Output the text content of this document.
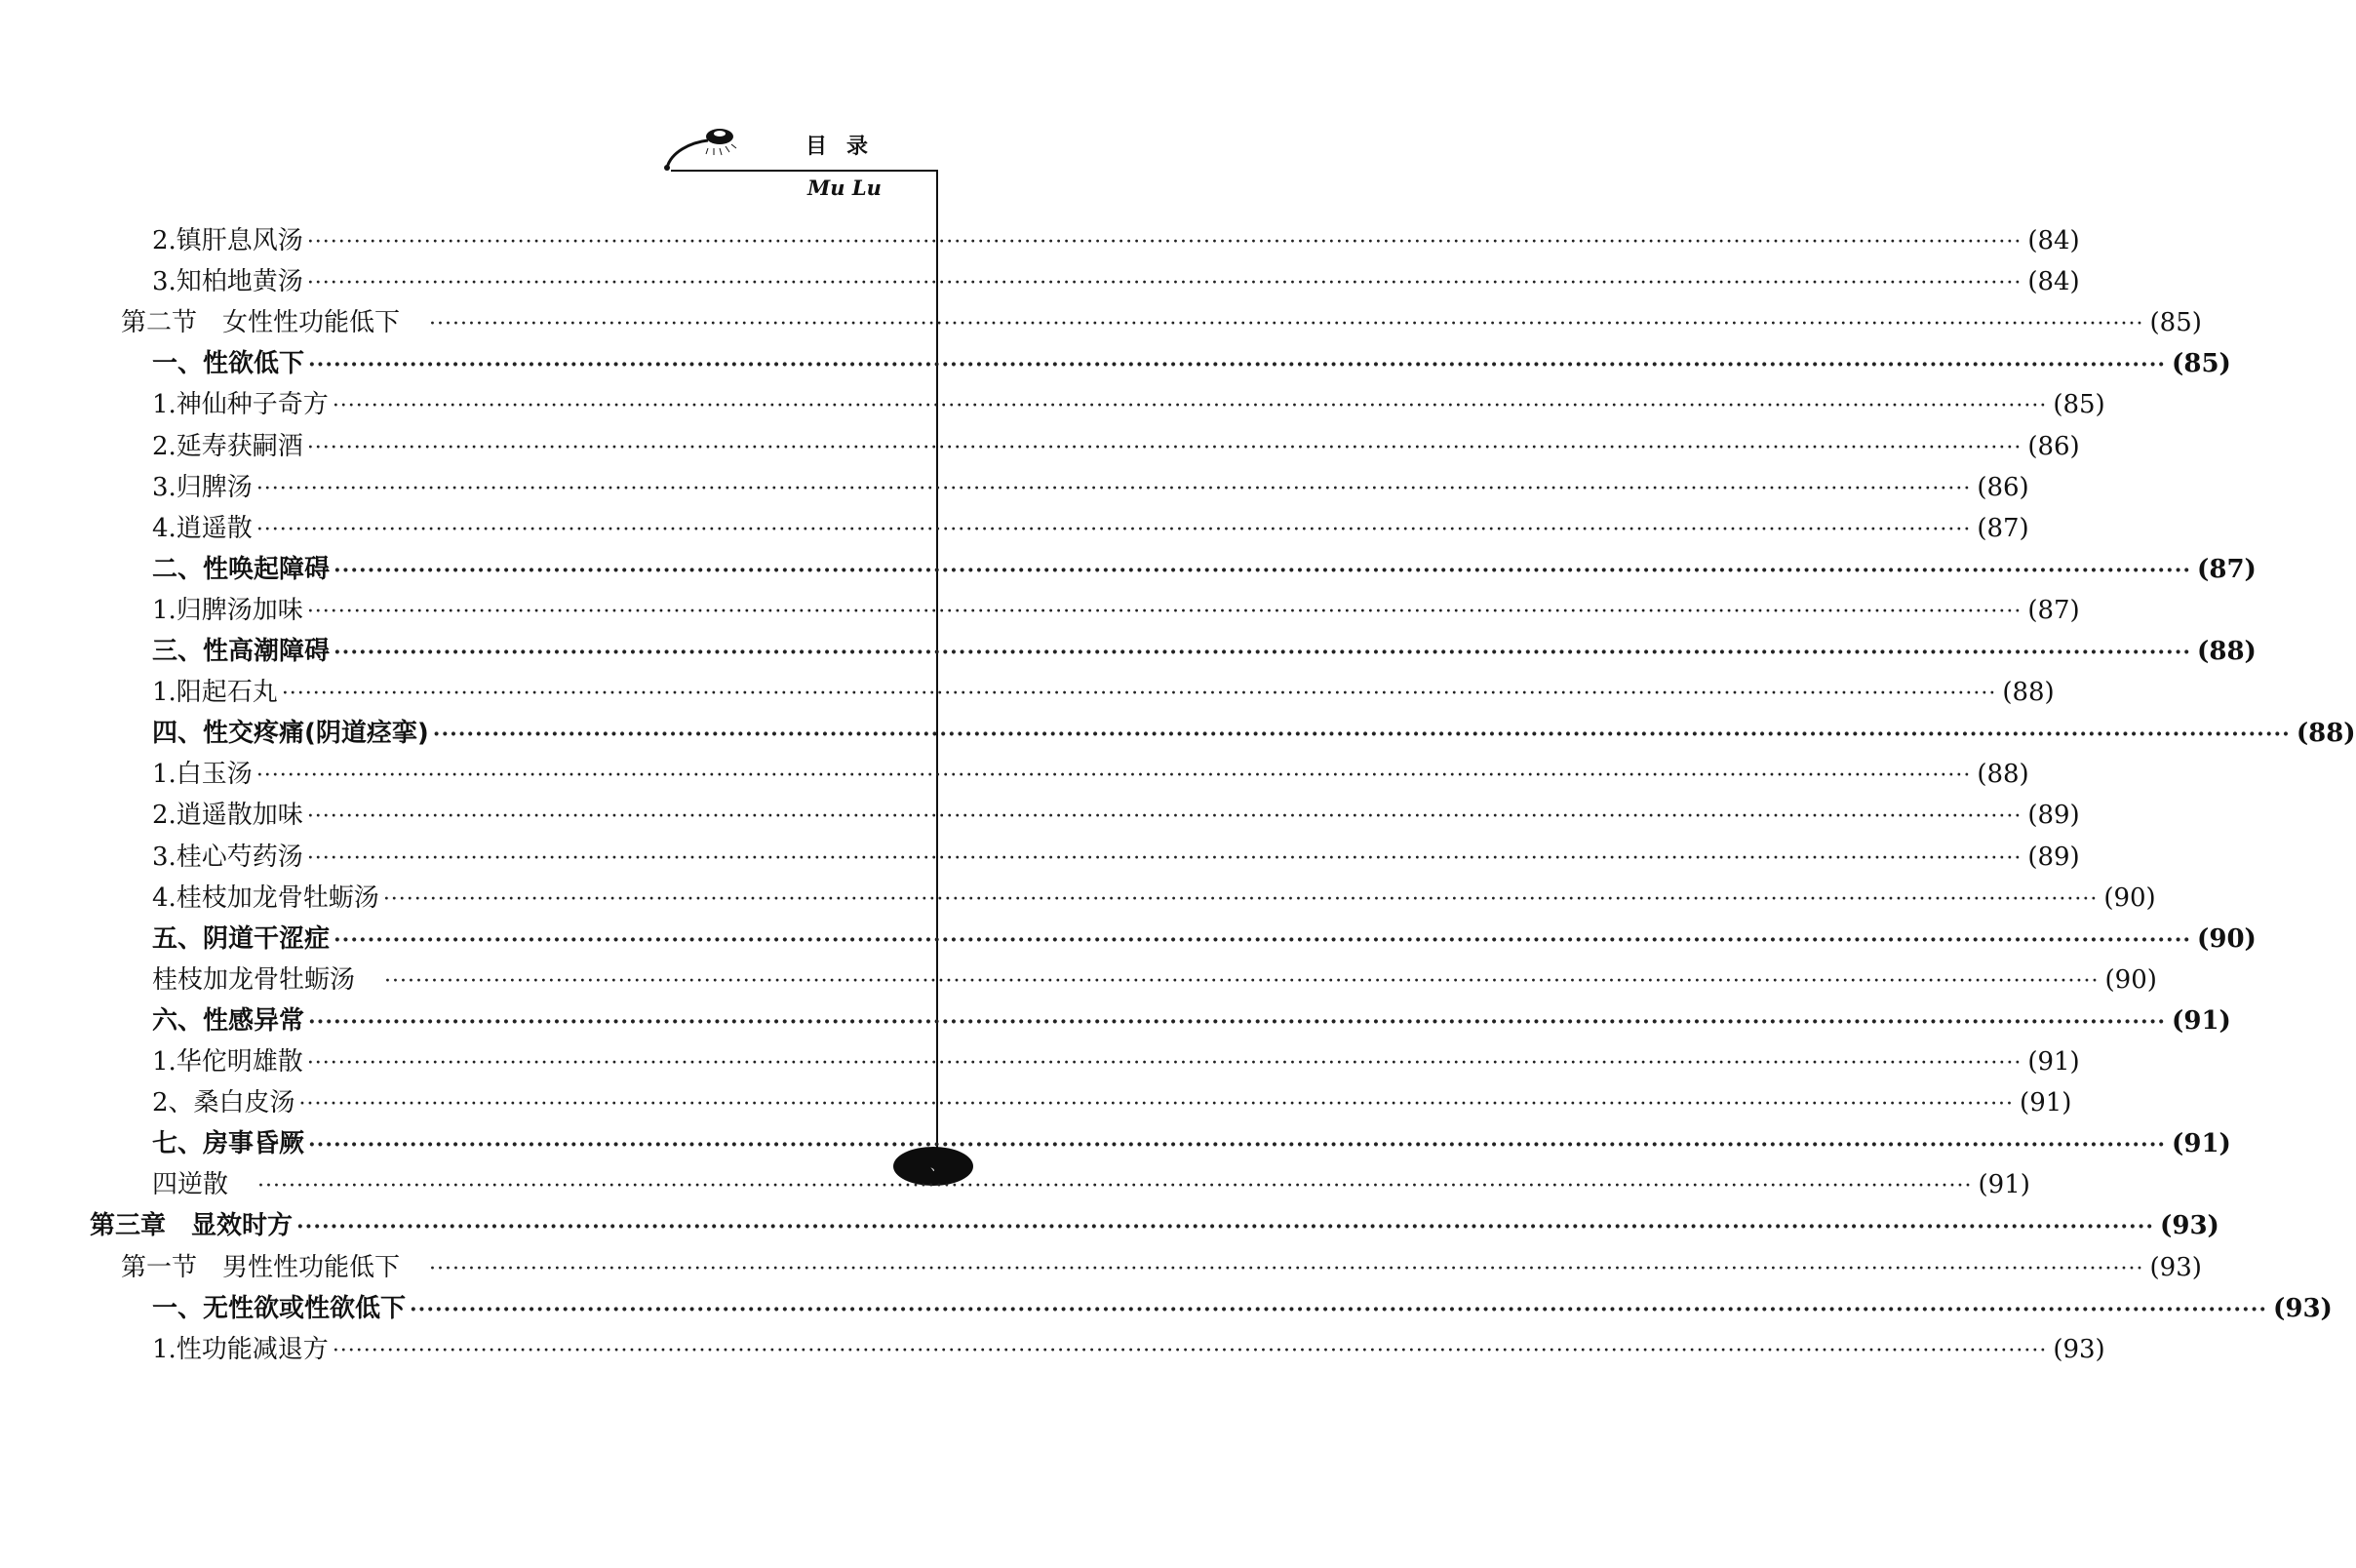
目录
Mu Lu
、
2.镇肝息风汤 ···························································································································································································································· (84)
3.知柏地黄汤 ···························································································································································································································· (84)
第二节　女性性功能低下 ···························································································································································································································· (85)
一、性欲低下 ···························································································································································································································· (85)
1.神仙种子奇方 ···························································································································································································································· (85)
2.延寿获嗣酒 ···························································································································································································································· (86)
3.归脾汤 ···························································································································································································································· (86)
4.逍遥散 ···························································································································································································································· (87)
二、性唤起障碍 ···························································································································································································································· (87)
1.归脾汤加味 ···························································································································································································································· (87)
三、性高潮障碍 ···························································································································································································································· (88)
1.阳起石丸 ···························································································································································································································· (88)
四、性交疼痛(阴道痉挛) ···························································································································································································································· (88)
1.白玉汤 ···························································································································································································································· (88)
2.逍遥散加味 ···························································································································································································································· (89)
3.桂心芍药汤 ···························································································································································································································· (89)
4.桂枝加龙骨牡蛎汤 ···························································································································································································································· (90)
五、阴道干涩症 ···························································································································································································································· (90)
桂枝加龙骨牡蛎汤 ···························································································································································································································· (90)
六、性感异常 ···························································································································································································································· (91)
1.华佗明雄散 ···························································································································································································································· (91)
2、桑白皮汤 ···························································································································································································································· (91)
七、房事昏厥 ···························································································································································································································· (91)
四逆散 ···························································································································································································································· (91)
第三章　显效时方 ···························································································································································································································· (93)
第一节　男性性功能低下 ···························································································································································································································· (93)
一、无性欲或性欲低下 ···························································································································································································································· (93)
1.性功能减退方 ···························································································································································································································· (93)
